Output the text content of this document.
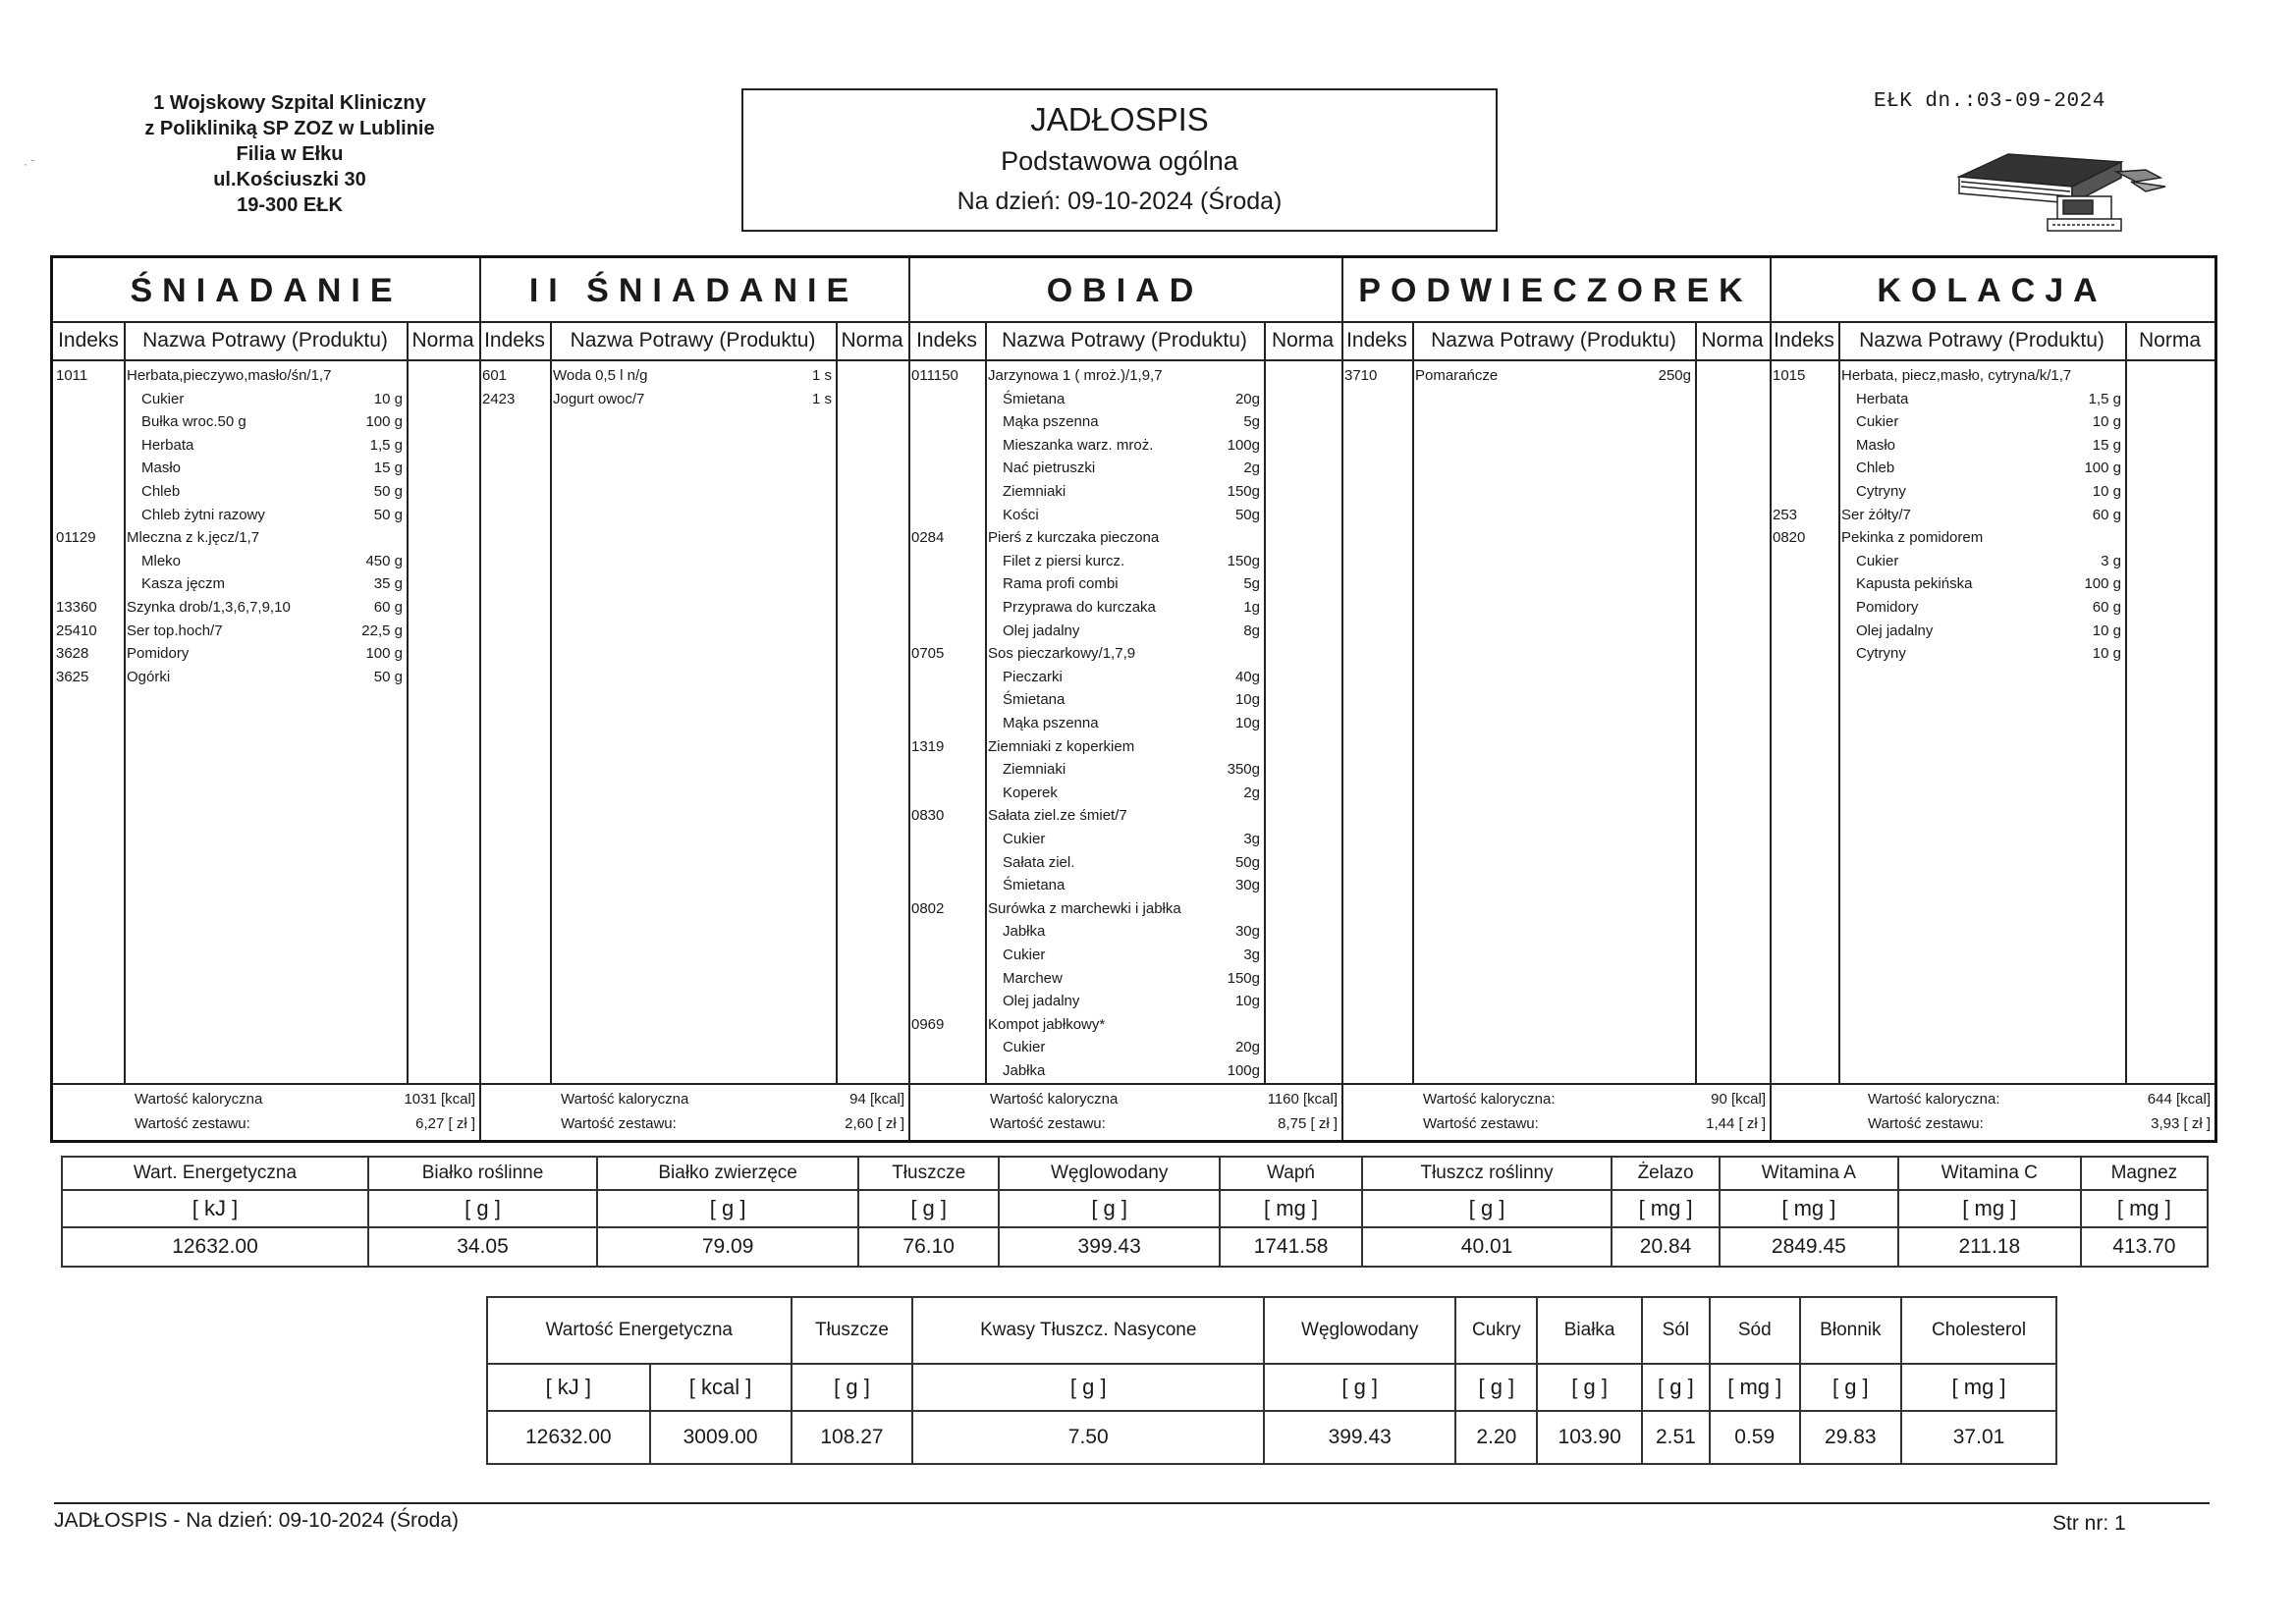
1 Wojskowy Szpital Kliniczny
z Polikliniką SP ZOZ w Lublinie
Filia w Ełku
ul.Kościuszki 30
19-300 EŁK
· ˉ
JADŁOSPIS
Podstawowa ogólna
Na dzień: 09-10-2024 (Środa)
EŁK dn.:03-09-2024
ŚNIADANIE
Indeks	Nazwa Potrawy (Produktu)	Norma
1011	Herbata,pieczywo,masło/śn/1,7
Cukier	10 g
Bułka wroc.50 g	100 g
Herbata	1,5 g
Masło	15 g
Chleb	50 g
Chleb żytni razowy	50 g
01129 Mleczna z k.jęcz/1,7
Mleko	450 g
Kasza jęczm	35 g
13360 Szynka drob/1,3,6,7,9,10	60 g
25410 Ser top.hoch/7	22,5 g
3628	Pomidory	100 g
3625	Ogórki	50 g
Wartość kaloryczna	1031 [kcal]
Wartość zestawu:	6,27 [ zł ]
II ŚNIADANIE
Indeks	Nazwa Potrawy (Produktu)	Norma
601	Woda 0,5 l n/g	1 s
2423	Jogurt owoc/7	1 s
Wartość kaloryczna	94 [kcal]
Wartość zestawu:	2,60 [ zł ]
OBIAD
Indeks	Nazwa Potrawy (Produktu)	Norma
011150 Jarzynowa 1 ( mroż.)/1,9,7
Śmietana	20g
Mąka pszenna	5g
Mieszanka warz. mroż.	100g
Nać pietruszki	2g
Ziemniaki	150g
Kości	50g
0284	Pierś z kurczaka pieczona
Filet z piersi kurcz.	150g
Rama profi combi	5g
Przyprawa do kurczaka	1g
Olej jadalny	8g
0705	Sos pieczarkowy/1,7,9
Pieczarki	40g
Śmietana	10g
Mąka pszenna	10g
1319	Ziemniaki z koperkiem
Ziemniaki	350g
Koperek	2g
0830	Sałata ziel.ze śmiet/7
Cukier	3g
Sałata ziel.	50g
Śmietana	30g
0802	Surówka z marchewki i jabłka
Jabłka	30g
Cukier	3g
Marchew	150g
Olej jadalny	10g
0969	Kompot jabłkowy*
Cukier	20g
Jabłka	100g
Wartość kaloryczna	1160 [kcal]
Wartość zestawu:	8,75 [ zł ]
PODWIECZOREK
Indeks	Nazwa Potrawy (Produktu)	Norma
3710	Pomarańcze	250g
Wartość kaloryczna:	90 [kcal]
Wartość zestawu:	1,44 [ zł ]
KOLACJA
Indeks	Nazwa Potrawy (Produktu)	Norma
1015 Herbata, piecz,masło, cytryna/k/1,7
Herbata	1,5 g
Cukier	10 g
Masło	15 g
Chleb	100 g
Cytryny	10 g
253	Ser żółty/7	60 g
0820 Pekinka z pomidorem
Cukier	3 g
Kapusta pekińska	100 g
Pomidory	60 g
Olej jadalny	10 g
Cytryny	10 g
Wartość kaloryczna:	644 [kcal]
Wartość zestawu:	3,93 [ zł ]
Wart. Energetyczna	Białko roślinne	Białko zwierzęce	Tłuszcze	Węglowodany	Wapń	Tłuszcz roślinny	Żelazo	Witamina A	Witamina C	Magnez
[ kJ ]	[ g ]	[ g ]	[ g ]	[ g ]	[ mg ]	[ g ]	[ mg ]	[ mg ]	[ mg ]	[ mg ]
12632.00	34.05	79.09	76.10	399.43	1741.58	40.01	20.84	2849.45	211.18	413.70
Wartość Energetyczna		Tłuszcze	Kwasy Tłuszcz. Nasycone	Węglowodany	Cukry	Białka	Sól	Sód	Błonnik	Cholesterol
[ kJ ]	[ kcal ]	[ g ]	[ g ]	[ g ]	[ g ]	[ g ]	[ g ]	[ mg ]	[ g ]	[ mg ]
12632.00	3009.00	108.27	7.50	399.43	2.20	103.90	2.51	0.59	29.83	37.01
JADŁOSPIS - Na dzień: 09-10-2024 (Środa)	Str nr: 1
